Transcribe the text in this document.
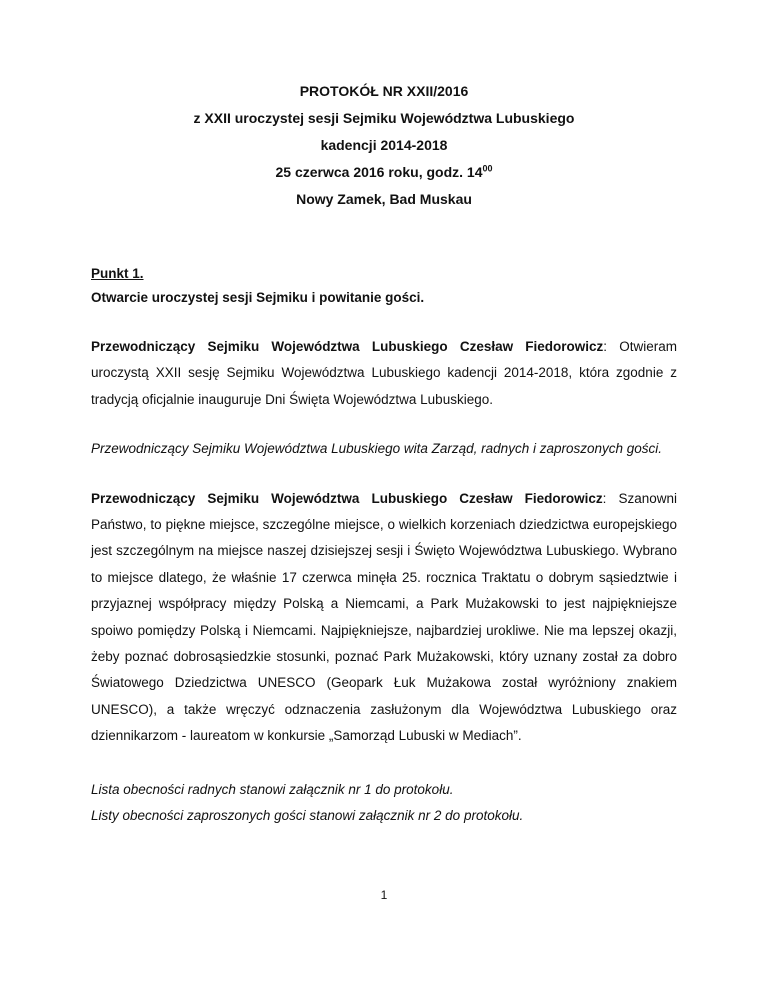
PROTOKÓŁ NR XXII/2016
z XXII uroczystej sesji Sejmiku Województwa Lubuskiego
kadencji 2014-2018
25 czerwca 2016 roku, godz. $14^{00}$
Nowy Zamek, Bad Muskau
Punkt 1.
Otwarcie uroczystej sesji Sejmiku i powitanie gości.

Przewodniczący Sejmiku Województwa Lubuskiego Czesław Fiedorowicz: Otwieram uroczystą XXII sesję Sejmiku Województwa Lubuskiego kadencji 2014-2018, która zgodnie z tradycją oficjalnie inauguruje Dni Święta Województwa Lubuskiego.

Przewodniczący Sejmiku Województwa Lubuskiego wita Zarząd, radnych i zaproszonych gości.

Przewodniczący Sejmiku Województwa Lubuskiego Czesław Fiedorowicz: Szanowni Państwo, to piękne miejsce, szczególne miejsce, o wielkich korzeniach dziedzictwa europejskiego jest szczególnym na miejsce naszej dzisiejszej sesji i Święto Województwa Lubuskiego. Wybrano to miejsce dlatego, że właśnie 17 czerwca minęła 25. rocznica Traktatu o dobrym sąsiedztwie i przyjaznej współpracy między Polską a Niemcami, a Park Mużakowski to jest najpiękniejsze spoiwo pomiędzy Polską i Niemcami. Najpiękniejsze, najbardziej urokliwe. Nie ma lepszej okazji, żeby poznać dobrosąsiedzkie stosunki, poznać Park Mużakowski, który uznany został za dobro Światowego Dziedzictwa UNESCO (Geopark Łuk Mużakowa został wyróżniony znakiem UNESCO), a także wręczyć odznaczenia zasłużonym dla Województwa Lubuskiego oraz dziennikarzom - laureatom w konkursie „Samorząd Lubuski w Mediach”.

Lista obecności radnych stanowi załącznik nr 1 do protokołu.

Listy obecności zaproszonych gości stanowi załącznik nr 2 do protokołu.

1
